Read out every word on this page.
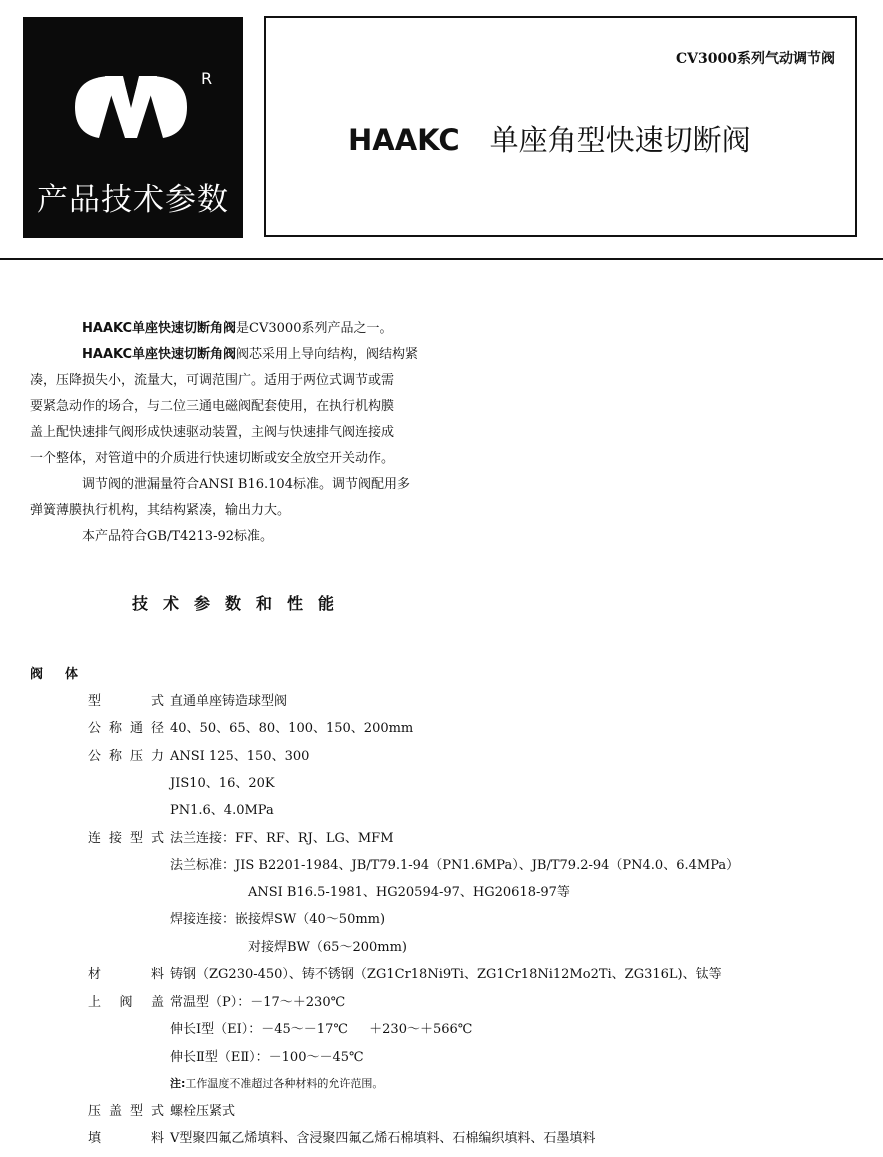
R
产品技术参数
CV3000系列气动调节阀
HAAKC 单座角型快速切断阀

HAAKC单座快速切断角阀是CV3000系列产品之一。

HAAKC单座快速切断角阀阀芯采用上导向结构，阀结构紧

凑，压降损失小，流量大，可调范围广。适用于两位式调节或需

要紧急动作的场合，与二位三通电磁阀配套使用，在执行机构膜

盖上配快速排气阀形成快速驱动装置，主阀与快速排气阀连接成

一个整体，对管道中的介质进行快速切断或安全放空开关动作。

调节阀的泄漏量符合ANSI B16.104标准。调节阀配用多

弹簧薄膜执行机构，其结构紧凑，输出力大。

本产品符合GB/T4213-92标准。

技术参数和性能
阀体
型式 直通单座铸造球型阀
公称通径 40、50、65、80、100、150、200mm
公称压力 ANSI 125、150、300
JIS10、16、20K
PN1.6、4.0MPa
连接型式 法兰连接：FF、RF、RJ、LG、MFM
法兰标准：JIS B2201-1984、JB/T79.1-94（PN1.6MPa）、JB/T79.2-94（PN4.0、6.4MPa）
ANSI B16.5-1981、HG20594-97、HG20618-97等
焊接连接：嵌接焊SW（40～50mm)
对接焊BW（65～200mm)
材料 铸钢（ZG230-450）、铸不锈钢（ZG1Cr18Ni9Ti、ZG1Cr18Ni12Mo2Ti、ZG316L)、钛等
上阀盖 常温型（P）：－17～＋230℃
伸长Ⅰ型（EⅠ）：－45～－17℃ 　 ＋230～＋566℃
伸长Ⅱ型（EⅡ）：－100～－45℃
注:工作温度不准超过各种材料的允许范围。
压盖型式 螺栓压紧式
填料 V型聚四氟乙烯填料、含浸聚四氟乙烯石棉填料、石棉编织填料、石墨填料
